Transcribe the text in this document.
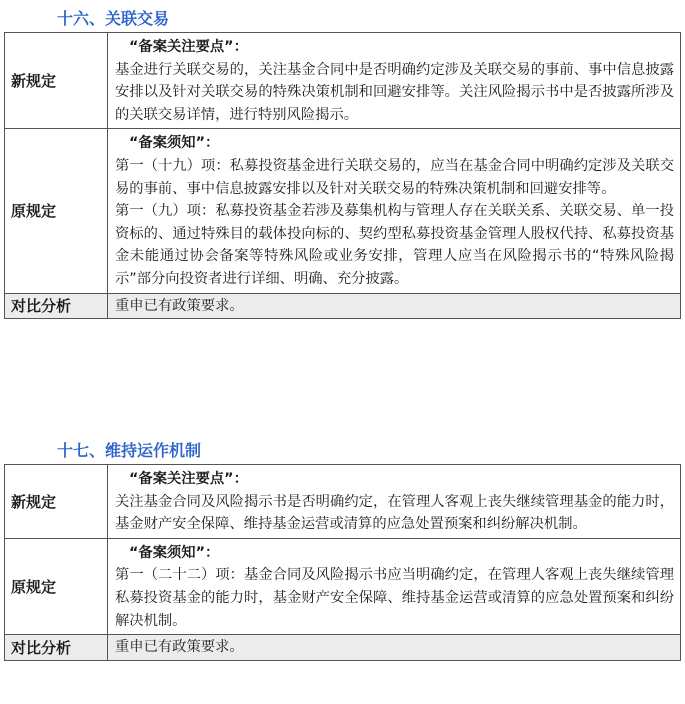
十六、关联交易
新规定	“备案关注要点”：

基金进行关联交易的，关注基金合同中是否明确约定涉及关联交易的事前、事中信息披露安排以及针对关联交易的特殊决策机制和回避安排等。关注风险揭示书中是否披露所涉及的关联交易详情，进行特别风险揭示。

原规定	“备案须知”：

第一（十九）项：私募投资基金进行关联交易的，应当在基金合同中明确约定涉及关联交易的事前、事中信息披露安排以及针对关联交易的特殊决策机制和回避安排等。

第一（九）项：私募投资基金若涉及募集机构与管理人存在关联关系、关联交易、单一投资标的、通过特殊目的载体投向标的、契约型私募投资基金管理人股权代持、私募投资基金未能通过协会备案等特殊风险或业务安排，管理人应当在风险揭示书的“特殊风险揭示”部分向投资者进行详细、明确、充分披露。

对比分析	重申已有政策要求。
十七、维持运作机制
新规定	“备案关注要点”：

关注基金合同及风险揭示书是否明确约定，在管理人客观上丧失继续管理基金的能力时，基金财产安全保障、维持基金运营或清算的应急处置预案和纠纷解决机制。

原规定	“备案须知”：

第一（二十二）项：基金合同及风险揭示书应当明确约定，在管理人客观上丧失继续管理私募投资基金的能力时，基金财产安全保障、维持基金运营或清算的应急处置预案和纠纷解决机制。

对比分析	重申已有政策要求。
